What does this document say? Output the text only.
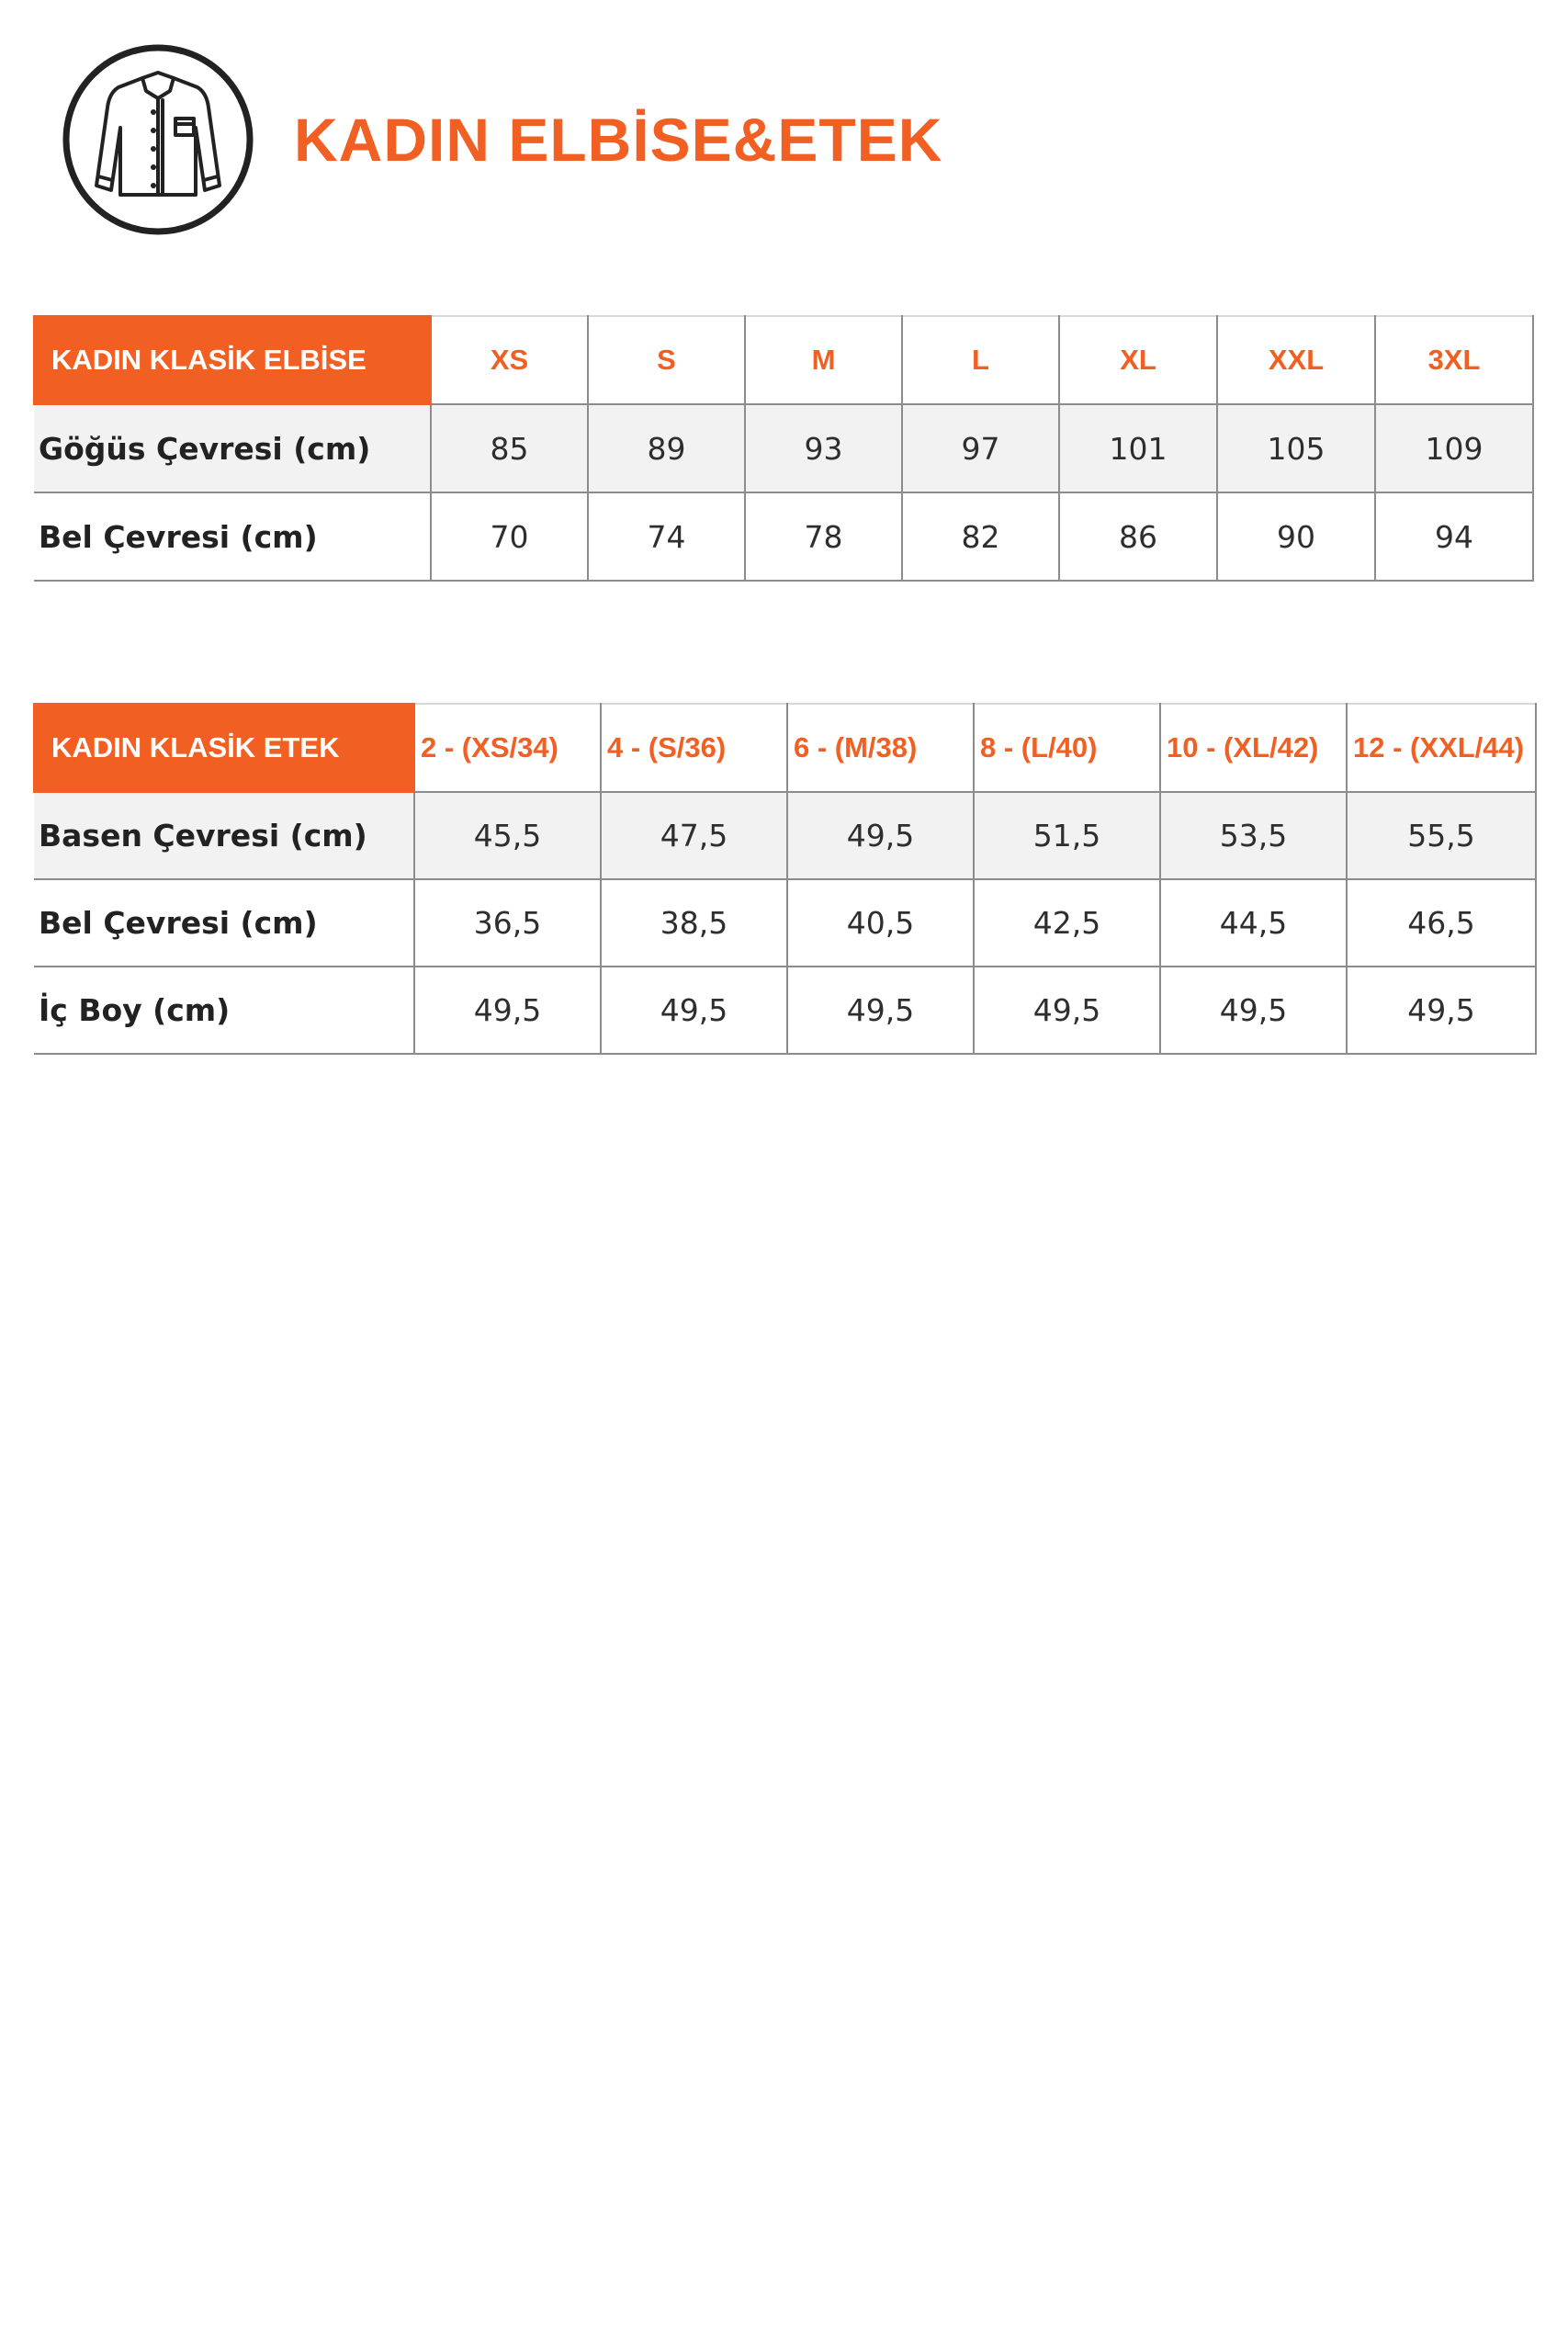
KADIN ELBİSE&ETEK
KADIN KLASİK ELBİSE	XS	S	M	L	XL	XXL	3XL
Göğüs Çevresi (cm)	85	89	93	97	101	105	109
Bel Çevresi (cm)	70	74	78	82	86	90	94
KADIN KLASİK ETEK	2 - (XS/34)	4 - (S/36)	6 - (M/38)	8 - (L/40)	10 - (XL/42)	12 - (XXL/44)
Basen Çevresi (cm)	45,5	47,5	49,5	51,5	53,5	55,5
Bel Çevresi (cm)	36,5	38,5	40,5	42,5	44,5	46,5
İç Boy (cm)	49,5	49,5	49,5	49,5	49,5	49,5
